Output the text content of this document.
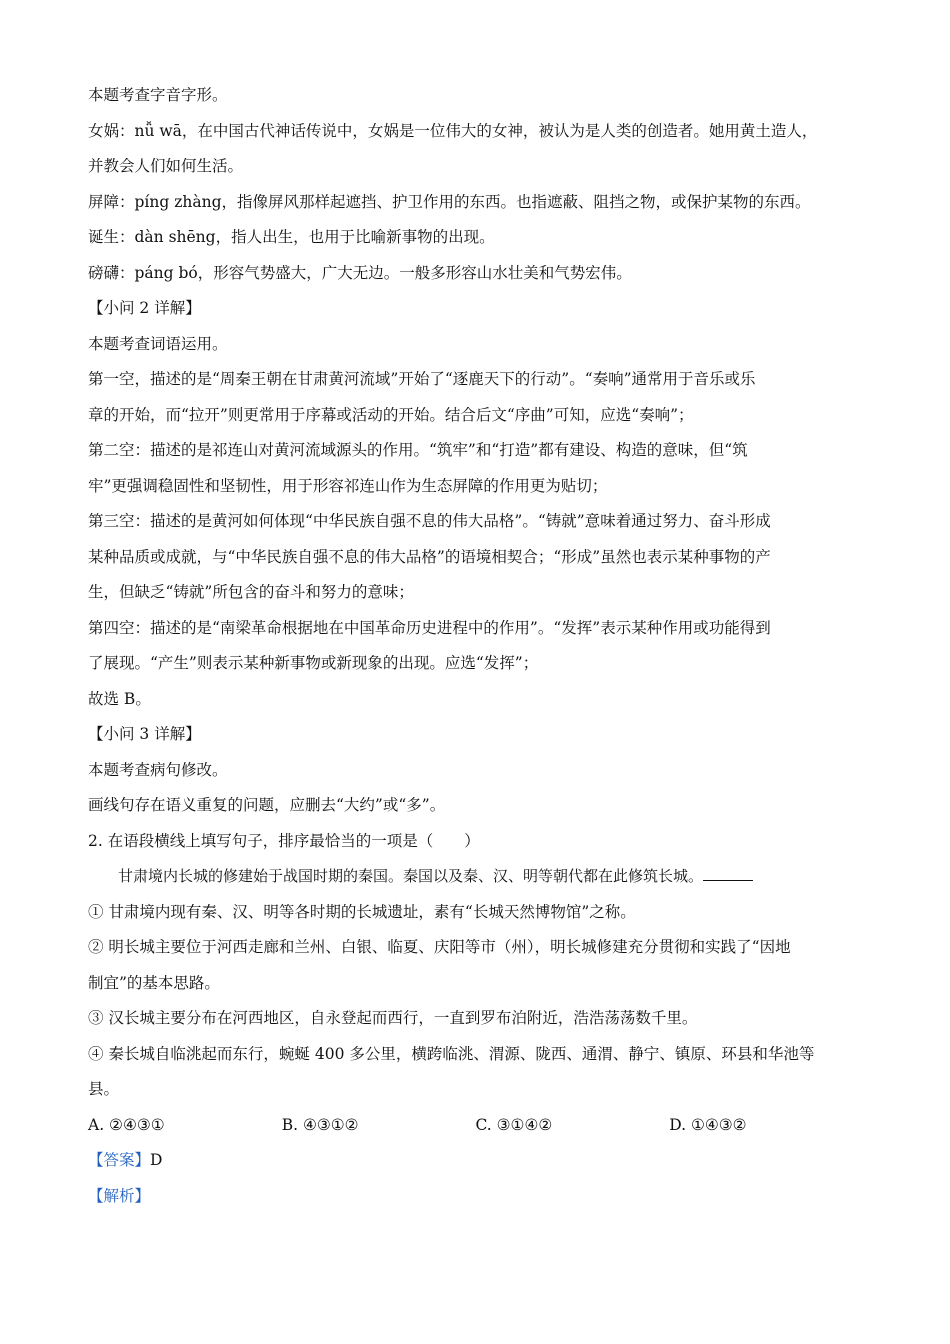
本题考查字音字形。
女娲：nǚ wā，在中国古代神话传说中，女娲是一位伟大的女神，被认为是人类的创造者。她用黄土造人，
并教会人们如何生活。
屏障：píng zhàng，指像屏风那样起遮挡、护卫作用的东西。也指遮蔽、阻挡之物，或保护某物的东西。
诞生：dàn shēng，指人出生，也用于比喻新事物的出现。
磅礴：páng bó，形容气势盛大，广大无边。一般多形容山水壮美和气势宏伟。
【小问 2 详解】
本题考查词语运用。
第一空，描述的是“周秦王朝在甘肃黄河流域”开始了“逐鹿天下的行动”。“奏响”通常用于音乐或乐
章的开始，而“拉开”则更常用于序幕或活动的开始。结合后文“序曲”可知，应选“奏响”；
第二空：描述的是祁连山对黄河流域源头的作用。“筑牢”和“打造”都有建设、构造的意味，但“筑
牢”更强调稳固性和坚韧性，用于形容祁连山作为生态屏障的作用更为贴切；
第三空：描述的是黄河如何体现“中华民族自强不息的伟大品格”。“铸就”意味着通过努力、奋斗形成
某种品质或成就，与“中华民族自强不息的伟大品格”的语境相契合；“形成”虽然也表示某种事物的产
生，但缺乏“铸就”所包含的奋斗和努力的意味；
第四空：描述的是“南梁革命根据地在中国革命历史进程中的作用”。“发挥”表示某种作用或功能得到
了展现。“产生”则表示某种新事物或新现象的出现。应选“发挥”；
故选 B。
【小问 3 详解】
本题考查病句修改。
画线句存在语义重复的问题，应删去“大约”或“多”。
2. 在语段横线上填写句子，排序最恰当的一项是（　　）
甘肃境内长城的修建始于战国时期的秦国。秦国以及秦、汉、明等朝代都在此修筑长城。
① 甘肃境内现有秦、汉、明等各时期的长城遗址，素有“长城天然博物馆”之称。
② 明长城主要位于河西走廊和兰州、白银、临夏、庆阳等市（州），明长城修建充分贯彻和实践了“因地
制宜”的基本思路。
③ 汉长城主要分布在河西地区，自永登起而西行，一直到罗布泊附近，浩浩荡荡数千里。
④ 秦长城自临洮起而东行，蜿蜒 400 多公里，横跨临洮、渭源、陇西、通渭、静宁、镇原、环县和华池等
县。
A. ②④③①	B. ④③①②	C. ③①④②	D. ①④③②
【答案】D
【解析】
